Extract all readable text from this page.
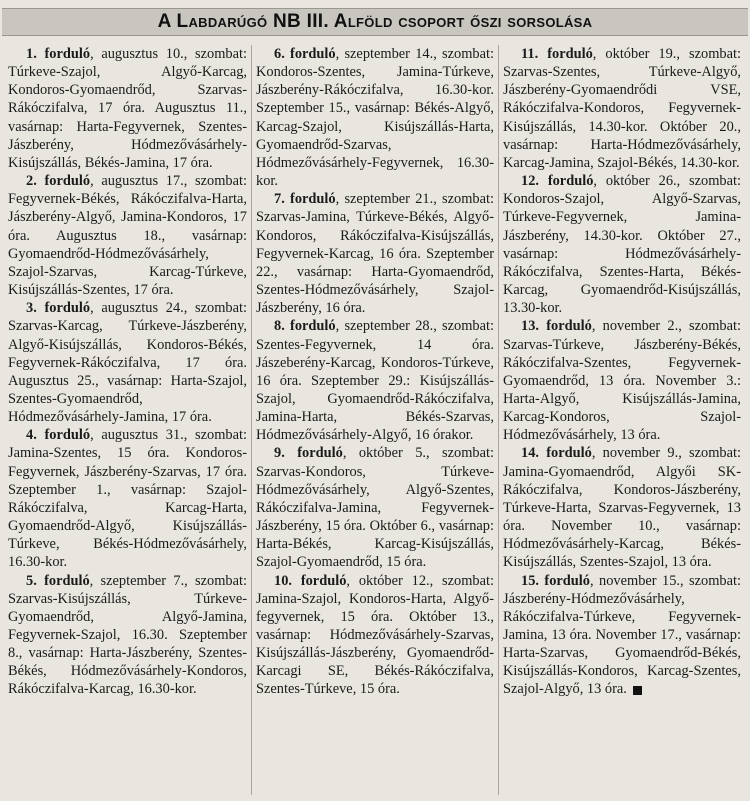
A Labdarúgó NB III. Alföld csoport őszi sorsolása

1. forduló, augusztus 10., szombat: Túrkeve-Szajol, Algyő-Karcag, Kondoros-Gyomaendrőd, Szarvas-Rákóczifalva, 17 óra. Augusztus 11., vasárnap: Harta-Fegyvernek, Szentes-Jászberény, Hódmezővásárhely-Kisújszállás, Békés-Jamina, 17 óra.

2. forduló, augusztus 17., szombat: Fegyvernek-Békés, Rákóczifalva-Harta, Jászberény-Algyő, Jamina-Kondoros, 17 óra. Augusztus 18., vasárnap: Gyomaendrőd-Hódmezővásárhely, Szajol-Szarvas, Karcag-Túrkeve, Kisújszállás-Szentes, 17 óra.

3. forduló, augusztus 24., szombat: Szarvas-Karcag, Túrkeve-Jászberény, Algyő-Kisújszállás, Kondoros-Békés, Fegyvernek-Rákóczifalva, 17 óra. Augusztus 25., vasárnap: Harta-Szajol, Szentes-Gyomaendrőd, Hódmezővásárhely-Jamina, 17 óra.

4. forduló, augusztus 31., szombat: Jamina-Szentes, 15 óra. Kondoros-Fegyvernek, Jászberény-Szarvas, 17 óra. Szeptember 1., vasárnap: Szajol-Rákóczifalva, Karcag-Harta, Gyomaendrőd-Algyő, Kisújszállás-Túrkeve, Békés-Hódmezővásárhely, 16.30-kor.

5. forduló, szeptember 7., szombat: Szarvas-Kisújszállás, Túrkeve-Gyomaendrőd, Algyő-Jamina, Fegyvernek-Szajol, 16.30. Szeptember 8., vasárnap: Harta-Jászberény, Szentes-Békés, Hódmezővásárhely-Kondoros, Rákóczifalva-Karcag, 16.30-kor.

6. forduló, szeptember 14., szombat: Kondoros-Szentes, Jamina-Túrkeve, Jászberény-Rákóczifalva, 16.30-kor. Szeptember 15., vasárnap: Békés-Algyő, Karcag-Szajol, Kisújszállás-Harta, Gyomaendrőd-Szarvas, Hódmezővásárhely-Fegyvernek, 16.30-kor.

7. forduló, szeptember 21., szombat: Szarvas-Jamina, Túrkeve-Békés, Algyő-Kondoros, Rákóczifalva-Kisújszállás, Fegyvernek-Karcag, 16 óra. Szeptember 22., vasárnap: Harta-Gyomaendrőd, Szentes-Hódmezővásárhely, Szajol-Jászberény, 16 óra.

8. forduló, szeptember 28., szombat: Szentes-Fegyvernek, 14 óra. Jászeberény-Karcag, Kondoros-Túrkeve, 16 óra. Szeptember 29.: Kisújszállás-Szajol, Gyomaendrőd-Rákóczifalva, Jamina-Harta, Békés-Szarvas, Hódmezővásárhely-Algyő, 16 órakor.

9. forduló, október 5., szombat: Szarvas-Kondoros, Túrkeve-Hódmezővásárhely, Algyő-Szentes, Rákóczifalva-Jamina, Fegyvernek-Jászberény, 15 óra. Október 6., vasárnap: Harta-Békés, Karcag-Kisújszállás, Szajol-Gyomaendrőd, 15 óra.

10. forduló, október 12., szombat: Jamina-Szajol, Kondoros-Harta, Algyő-fegyvernek, 15 óra. Október 13., vasárnap: Hódmezővásárhely-Szarvas, Kisújszállás-Jászberény, Gyomaendrőd-Karcagi SE, Békés-Rákóczifalva, Szentes-Túrkeve, 15 óra.

11. forduló, október 19., szombat: Szarvas-Szentes, Túrkeve-Algyő, Jászberény-Gyomaendrődi VSE, Rákóczifalva-Kondoros, Fegyvernek-Kisújszállás, 14.30-kor. Október 20., vasárnap: Harta-Hódmezővásárhely, Karcag-Jamina, Szajol-Békés, 14.30-kor.

12. forduló, október 26., szombat: Kondoros-Szajol, Algyő-Szarvas, Túrkeve-Fegyvernek, Jamina-Jászberény, 14.30-kor. Október 27., vasárnap: Hódmezővásárhely-Rákóczifalva, Szentes-Harta, Békés-Karcag, Gyomaendrőd-Kisújszállás, 13.30-kor.

13. forduló, november 2., szombat: Szarvas-Túrkeve, Jászberény-Békés, Rákóczifalva-Szentes, Fegyvernek-Gyomaendrőd, 13 óra. November 3.: Harta-Algyő, Kisújszállás-Jamina, Karcag-Kondoros, Szajol-Hódmezővásárhely, 13 óra.

14. forduló, november 9., szombat: Jamina-Gyomaendrőd, Algyői SK-Rákóczifalva, Kondoros-Jászberény, Túrkeve-Harta, Szarvas-Fegyvernek, 13 óra. November 10., vasárnap: Hódmezővásárhely-Karcag, Békés-Kisújszállás, Szentes-Szajol, 13 óra.

15. forduló, november 15., szombat: Jászberény-Hódmezővásárhely, Rákóczifalva-Túrkeve, Fegyvernek-Jamina, 13 óra. November 17., vasárnap: Harta-Szarvas, Gyomaendrőd-Békés, Kisújszállás-Kondoros, Karcag-Szentes, Szajol-Algyő, 13 óra.
